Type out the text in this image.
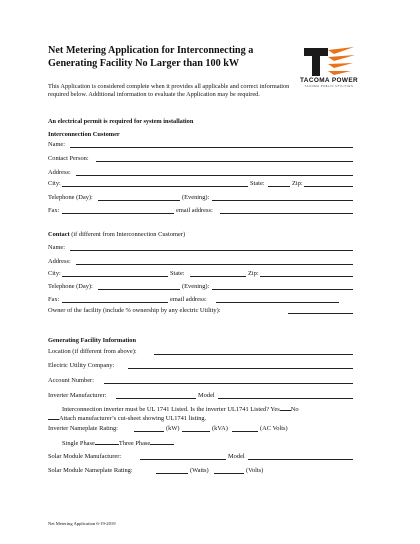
Net Metering Application for Interconnecting a
Generating Facility No Larger than 100 kW
TACOMA POWER
TACOMA PUBLIC UTILITIES
This Application is considered complete when it provides all applicable and correct information required below. Additional information to evaluate the Application may be required.
An electrical permit is required for system installation
Interconnection Customer
Name:
Contact Person:
Address:
City:	State:	Zip:
Telephone (Day):	(Evening):
Fax:	email address:
Contact (if different from Interconnection Customer)
Name:
Address:
City:	State:	Zip:
Telephone (Day):	(Evening):
Fax:	email address:
Owner of the facility (include % ownership by any electric Utility):
Generating Facility Information
Location (if different from above):
Electric Utility Company:
Account Number:
Inverter Manufacturer:	Model
Interconnection inverter must be UL 1741 Listed. Is the inverter UL1741 Listed? Yes No
Attach manufacturer’s cut-sheet showing UL1741 listing.
Inverter Nameplate Rating:	(kW)	(kVA)	(AC Volts)
Single Phase	Three Phase
Solar Module Manufacturer:	Model
Solar Module Nameplate Rating:	(Watts)	(Volts)
Net Metering Application 6-19-2019
